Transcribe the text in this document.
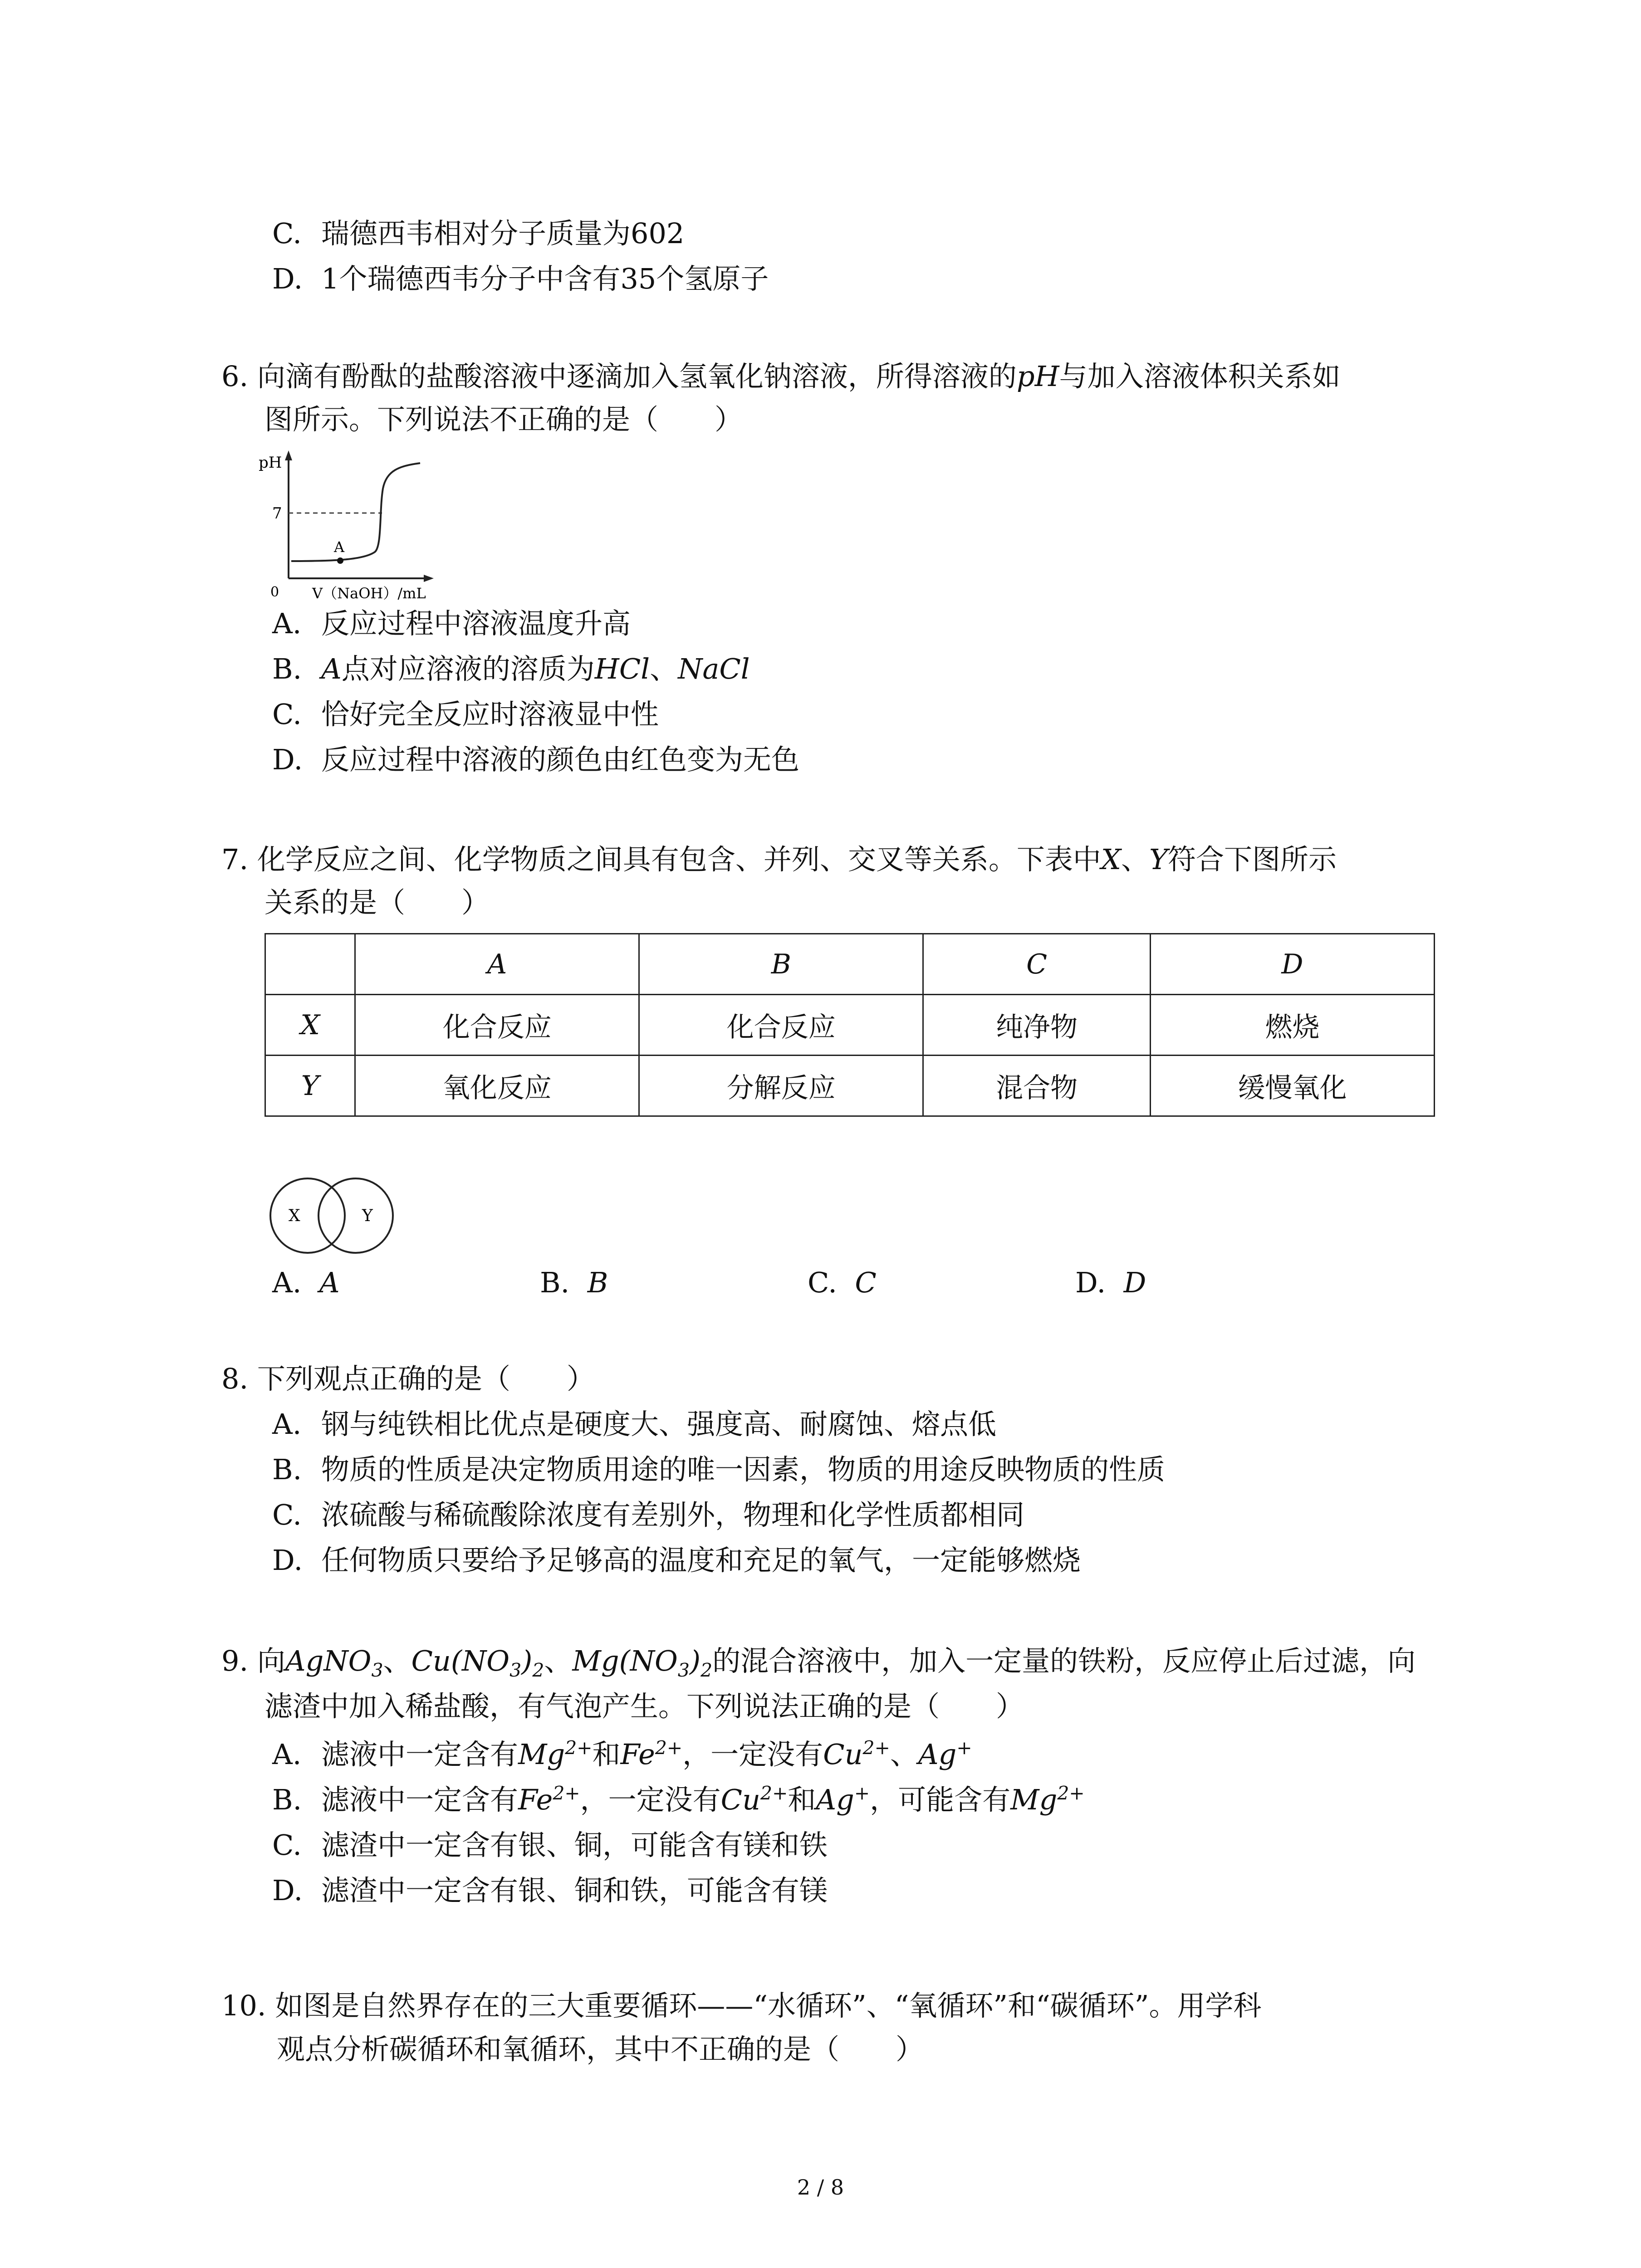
C. 瑞德西韦相对分子质量为602
D. 1个瑞德西韦分子中含有35个氢原子
6. 向滴有酚酞的盐酸溶液中逐滴加入氢氧化钠溶液，所得溶液的pH与加入溶液体积关系如
图所示。下列说法不正确的是（　　）
pH
7
0 V（NaOH）/mL
A
A. 反应过程中溶液温度升高
B. A点对应溶液的溶质为HCl、NaCl
C. 恰好完全反应时溶液显中性
D. 反应过程中溶液的颜色由红色变为无色
7. 化学反应之间、化学物质之间具有包含、并列、交叉等关系。下表中X、Y符合下图所示
关系的是（　　）
	A	B	C	D
X	化合反应	化合反应	纯净物	燃烧
Y	氧化反应	分解反应	混合物	缓慢氧化
X	Y
A. A	B. B	C. C	D. D
8. 下列观点正确的是（　　）
A. 钢与纯铁相比优点是硬度大、强度高、耐腐蚀、熔点低
B. 物质的性质是决定物质用途的唯一因素，物质的用途反映物质的性质
C. 浓硫酸与稀硫酸除浓度有差别外，物理和化学性质都相同
D. 任何物质只要给予足够高的温度和充足的氧气，一定能够燃烧
9. 向AgNO$_3$、$Cu(NO_3)_2$、$Mg(NO_3)_2$的混合溶液中，加入一定量的铁粉，反应停止后过滤，向
滤渣中加入稀盐酸，有气泡产生。下列说法正确的是（　　）
A. 滤液中一定含有$Mg^{2+}$和$Fe^{2+}$，一定没有$Cu^{2+}$、Ag+
B. 滤液中一定含有$Fe^{2+}$，一定没有$Cu^{2+}$和Ag+，可能含有$Mg^{2+}$
C. 滤渣中一定含有银、铜，可能含有镁和铁
D. 滤渣中一定含有银、铜和铁，可能含有镁
10. 如图是自然界存在的三大重要循环——“水循环”、“氧循环”和“碳循环”。用学科
观点分析碳循环和氧循环，其中不正确的是（　　）
2 / 8
